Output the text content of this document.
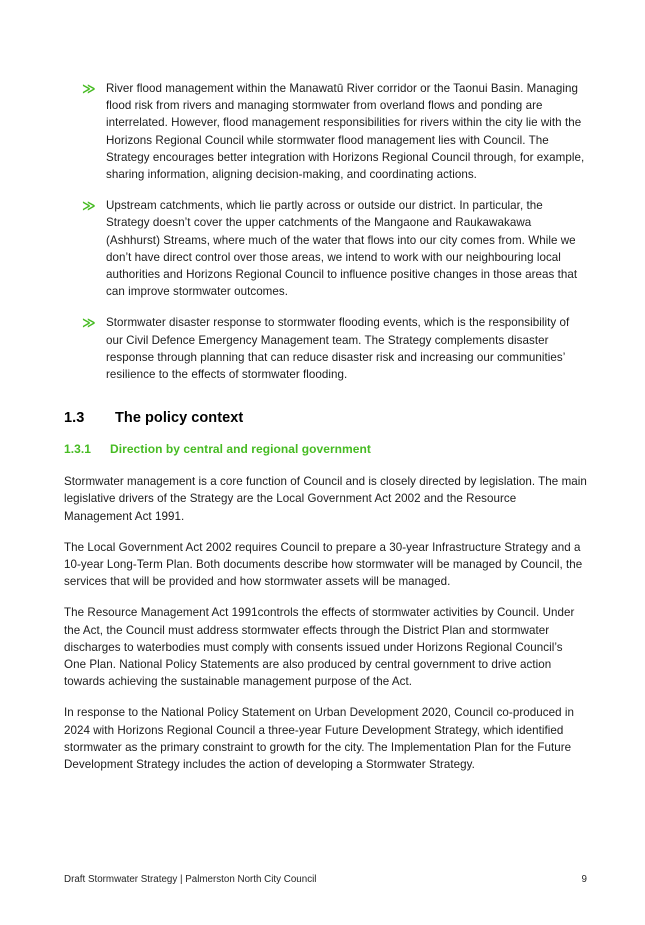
≫ River flood management within the Manawatū River corridor or the Taonui Basin. Managing flood risk from rivers and managing stormwater from overland flows and ponding are interrelated. However, flood management responsibilities for rivers within the city lie with the Horizons Regional Council while stormwater flood management lies with Council. The Strategy encourages better integration with Horizons Regional Council through, for example, sharing information, aligning decision-making, and coordinating actions.
≫ Upstream catchments, which lie partly across or outside our district. In particular, the Strategy doesn’t cover the upper catchments of the Mangaone and Raukawakawa (Ashhurst) Streams, where much of the water that flows into our city comes from. While we don’t have direct control over those areas, we intend to work with our neighbouring local authorities and Horizons Regional Council to influence positive changes in those areas that can improve stormwater outcomes.
≫ Stormwater disaster response to stormwater flooding events, which is the responsibility of our Civil Defence Emergency Management team. The Strategy complements disaster response through planning that can reduce disaster risk and increasing our communities’ resilience to the effects of stormwater flooding.
1.3 The policy context
1.3.1 Direction by central and regional government

Stormwater management is a core function of Council and is closely directed by legislation. The main legislative drivers of the Strategy are the Local Government Act 2002 and the Resource Management Act 1991.

The Local Government Act 2002 requires Council to prepare a 30-year Infrastructure Strategy and a 10-year Long-Term Plan. Both documents describe how stormwater will be managed by Council, the services that will be provided and how stormwater assets will be managed.

The Resource Management Act 1991controls the effects of stormwater activities by Council. Under the Act, the Council must address stormwater effects through the District Plan and stormwater discharges to waterbodies must comply with consents issued under Horizons Regional Council’s One Plan. National Policy Statements are also produced by central government to drive action towards achieving the sustainable management purpose of the Act.

In response to the National Policy Statement on Urban Development 2020, Council co-produced in 2024 with Horizons Regional Council a three-year Future Development Strategy, which identified stormwater as the primary constraint to growth for the city. The Implementation Plan for the Future Development Strategy includes the action of developing a Stormwater Strategy.

Draft Stormwater Strategy | Palmerston North City Council	9
